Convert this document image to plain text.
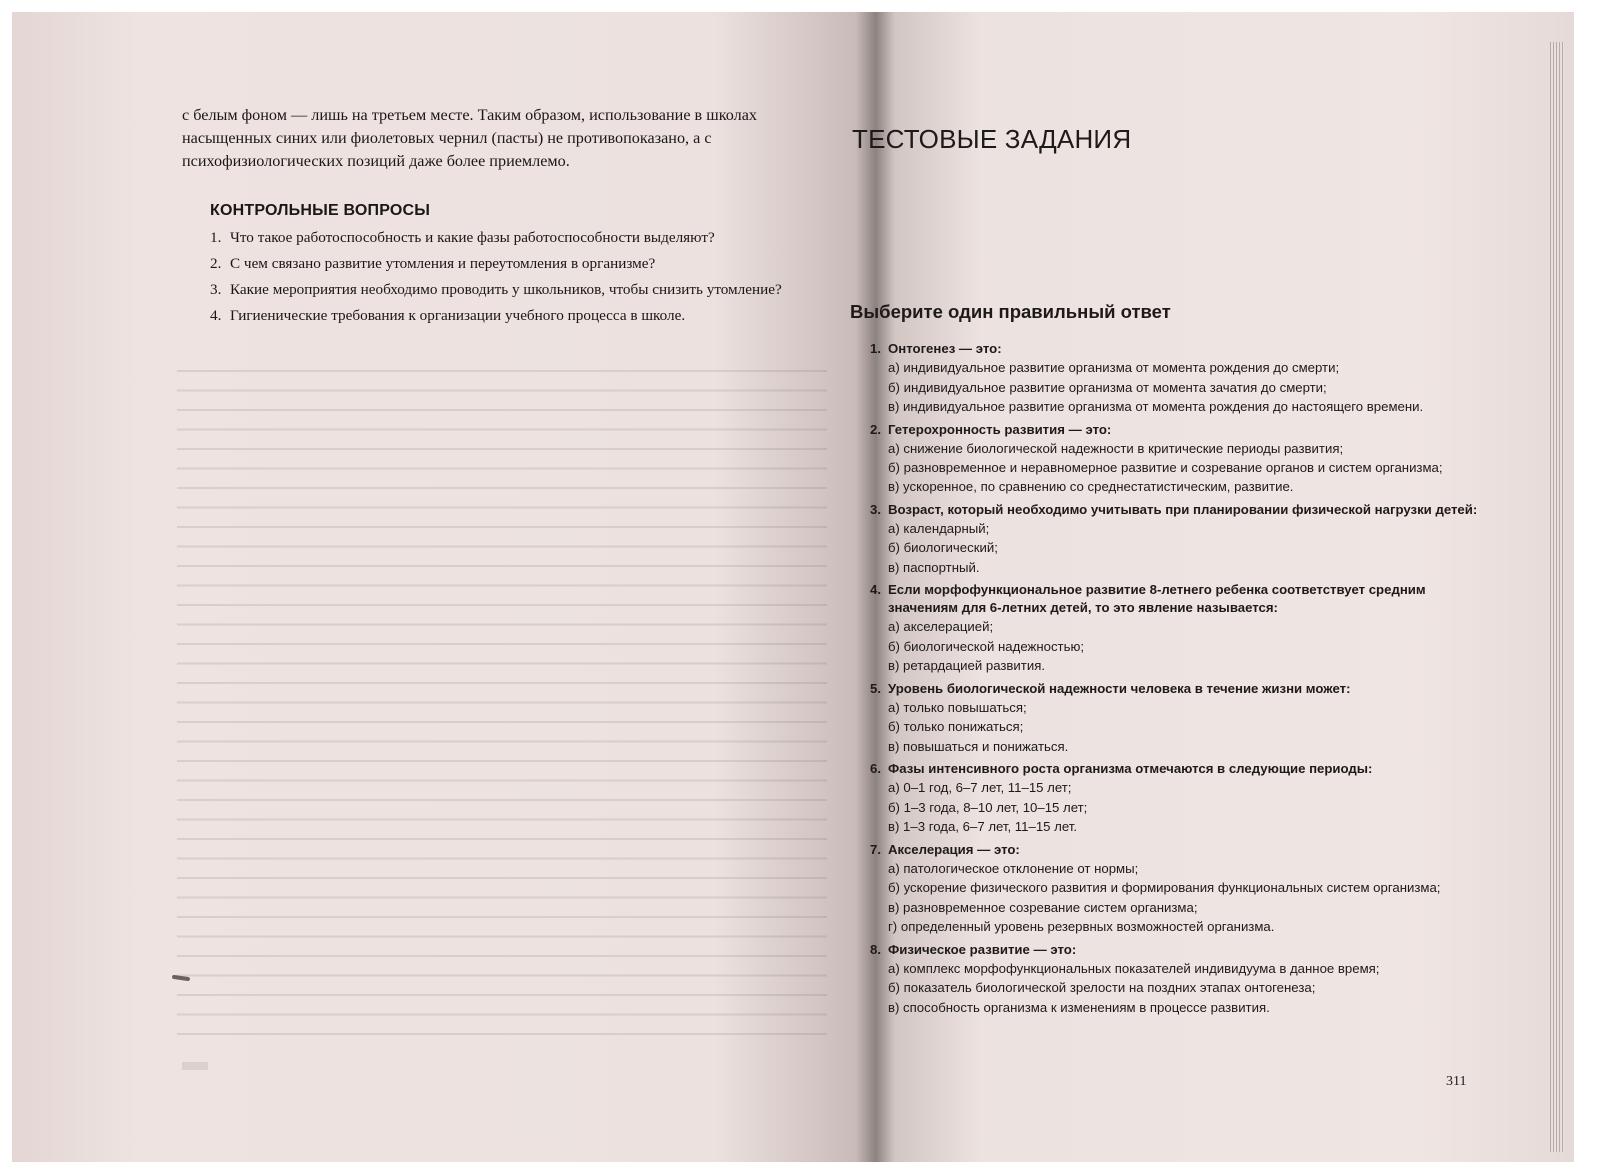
с белым фоном — лишь на третьем месте. Таким образом, использование в школах насыщенных синих или фиолетовых чернил (пасты) не противопоказано, а с психофизиологических позиций даже более приемлемо.

КОНТРОЛЬНЫЕ ВОПРОСЫ
1. Что такое работоспособность и какие фазы работоспособности выделяют?
2. С чем связано развитие утомления и переутомления в организме?
3. Какие мероприятия необходимо проводить у школьников, чтобы снизить утомление?
4. Гигиенические требования к организации учебного процесса в школе.
ТЕСТОВЫЕ ЗАДАНИЯ
Выберите один правильный ответ
1. Онтогенез — это:
а) индивидуальное развитие организма от момента рождения до смерти;
б) индивидуальное развитие организма от момента зачатия до смерти;
в) индивидуальное развитие организма от момента рождения до настоящего времени.
2. Гетерохронность развития — это:
а) снижение биологической надежности в критические периоды развития;
б) разновременное и неравномерное развитие и созревание органов и систем организма;
в) ускоренное, по сравнению со среднестатистическим, развитие.
3. Возраст, который необходимо учитывать при планировании физической нагрузки детей:
а) календарный;
б) биологический;
в) паспортный.
4. Если морфофункциональное развитие 8-летнего ребенка соответствует средним значениям для 6-летних детей, то это явление называется:
а) акселерацией;
б) биологической надежностью;
в) ретардацией развития.
5. Уровень биологической надежности человека в течение жизни может:
а) только повышаться;
б) только понижаться;
в) повышаться и понижаться.
6. Фазы интенсивного роста организма отмечаются в следующие периоды:
а) 0–1 год, 6–7 лет, 11–15 лет;
б) 1–3 года, 8–10 лет, 10–15 лет;
в) 1–3 года, 6–7 лет, 11–15 лет.
7. Акселерация — это:
а) патологическое отклонение от нормы;
б) ускорение физического развития и формирования функциональных систем организма;
в) разновременное созревание систем организма;
г) определенный уровень резервных возможностей организма.
8. Физическое развитие — это:
а) комплекс морфофункциональных показателей индивидуума в данное время;
б) показатель биологической зрелости на поздних этапах онтогенеза;
в) способность организма к изменениям в процессе развития.

311
